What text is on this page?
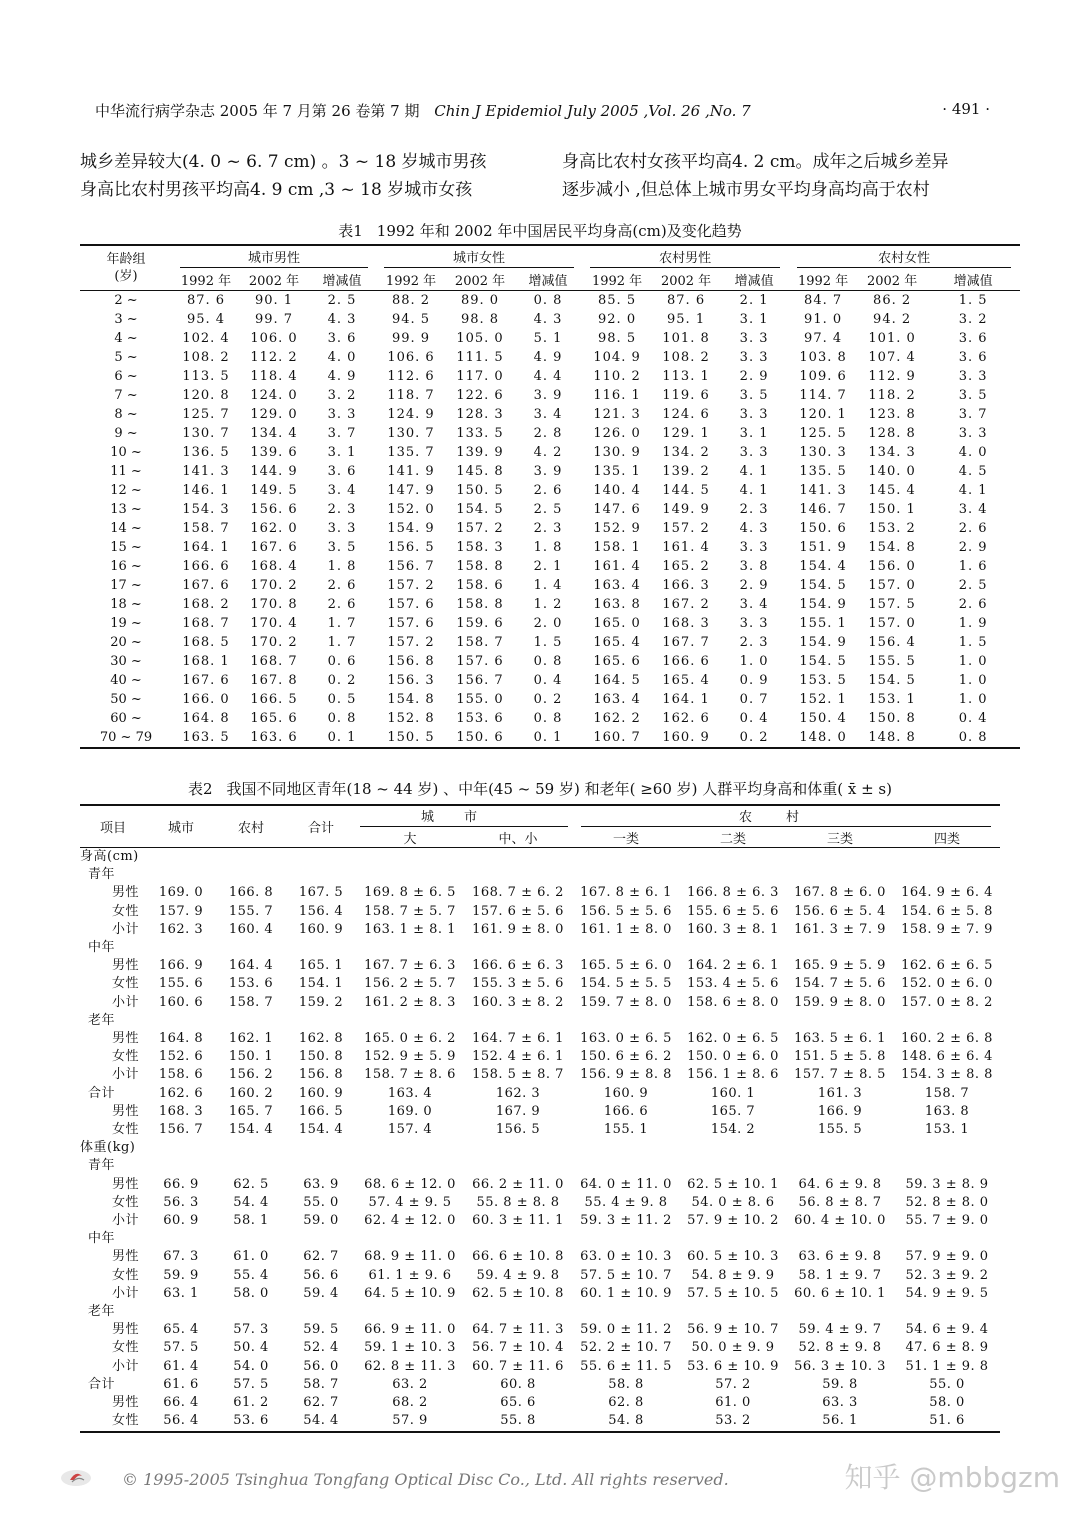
中华流行病学杂志 2005 年 7 月第 26 卷第 7 期 Chin J Epidemiol July 2005 ,Vol. 26 ,No. 7	· 491 ·
城乡差异较大(4. 0 ~ 6. 7 cm) 。3 ~ 18 岁城市男孩
身高比农村男孩平均高4. 9 cm ,3 ~ 18 岁城市女孩
身高比农村女孩平均高4. 2 cm。成年之后城乡差异
逐步减小 ,但总体上城市男女平均身高均高于农村
表1 1992 年和 2002 年中国居民平均身高(cm)及变化趋势
年龄组
(岁)	城市男性			城市女性			农村男性			农村女性		
	1992 年	2002 年	增减值	1992 年	2002 年	增减值	1992 年	2002 年	增减值	1992 年	2002 年	增减值
2 ~	87. 6	90. 1	2. 5	88. 2	89. 0	0. 8	85. 5	87. 6	2. 1	84. 7	86. 2	1. 5
3 ~	95. 4	99. 7	4. 3	94. 5	98. 8	4. 3	92. 0	95. 1	3. 1	91. 0	94. 2	3. 2
4 ~	102. 4	106. 0	3. 6	99. 9	105. 0	5. 1	98. 5	101. 8	3. 3	97. 4	101. 0	3. 6
5 ~	108. 2	112. 2	4. 0	106. 6	111. 5	4. 9	104. 9	108. 2	3. 3	103. 8	107. 4	3. 6
6 ~	113. 5	118. 4	4. 9	112. 6	117. 0	4. 4	110. 2	113. 1	2. 9	109. 6	112. 9	3. 3
7 ~	120. 8	124. 0	3. 2	118. 7	122. 6	3. 9	116. 1	119. 6	3. 5	114. 7	118. 2	3. 5
8 ~	125. 7	129. 0	3. 3	124. 9	128. 3	3. 4	121. 3	124. 6	3. 3	120. 1	123. 8	3. 7
9 ~	130. 7	134. 4	3. 7	130. 7	133. 5	2. 8	126. 0	129. 1	3. 1	125. 5	128. 8	3. 3
10 ~	136. 5	139. 6	3. 1	135. 7	139. 9	4. 2	130. 9	134. 2	3. 3	130. 3	134. 3	4. 0
11 ~	141. 3	144. 9	3. 6	141. 9	145. 8	3. 9	135. 1	139. 2	4. 1	135. 5	140. 0	4. 5
12 ~	146. 1	149. 5	3. 4	147. 9	150. 5	2. 6	140. 4	144. 5	4. 1	141. 3	145. 4	4. 1
13 ~	154. 3	156. 6	2. 3	152. 0	154. 5	2. 5	147. 6	149. 9	2. 3	146. 7	150. 1	3. 4
14 ~	158. 7	162. 0	3. 3	154. 9	157. 2	2. 3	152. 9	157. 2	4. 3	150. 6	153. 2	2. 6
15 ~	164. 1	167. 6	3. 5	156. 5	158. 3	1. 8	158. 1	161. 4	3. 3	151. 9	154. 8	2. 9
16 ~	166. 6	168. 4	1. 8	156. 7	158. 8	2. 1	161. 4	165. 2	3. 8	154. 4	156. 0	1. 6
17 ~	167. 6	170. 2	2. 6	157. 2	158. 6	1. 4	163. 4	166. 3	2. 9	154. 5	157. 0	2. 5
18 ~	168. 2	170. 8	2. 6	157. 6	158. 8	1. 2	163. 8	167. 2	3. 4	154. 9	157. 5	2. 6
19 ~	168. 7	170. 4	1. 7	157. 6	159. 6	2. 0	165. 0	168. 3	3. 3	155. 1	157. 0	1. 9
20 ~	168. 5	170. 2	1. 7	157. 2	158. 7	1. 5	165. 4	167. 7	2. 3	154. 9	156. 4	1. 5
30 ~	168. 1	168. 7	0. 6	156. 8	157. 6	0. 8	165. 6	166. 6	1. 0	154. 5	155. 5	1. 0
40 ~	167. 6	167. 8	0. 2	156. 3	156. 7	0. 4	164. 5	165. 4	0. 9	153. 5	154. 5	1. 0
50 ~	166. 0	166. 5	0. 5	154. 8	155. 0	0. 2	163. 4	164. 1	0. 7	152. 1	153. 1	1. 0
60 ~	164. 8	165. 6	0. 8	152. 8	153. 6	0. 8	162. 2	162. 6	0. 4	150. 4	150. 8	0. 4
70 ~ 79	163. 5	163. 6	0. 1	150. 5	150. 6	0. 1	160. 7	160. 9	0. 2	148. 0	148. 8	0. 8
表2 我国不同地区青年(18 ~ 44 岁) 、中年(45 ~ 59 岁) 和老年( ≥60 岁) 人群平均身高和体重( x̄ ± s)
项目	城市	农村	合计	城市		农村			
				大	中、小	一类	二类	三类	四类
身高(cm)									
青年									
男性	169. 0	166. 8	167. 5	169. 8 ± 6. 5	168. 7 ± 6. 2	167. 8 ± 6. 1	166. 8 ± 6. 3	167. 8 ± 6. 0	164. 9 ± 6. 4
女性	157. 9	155. 7	156. 4	158. 7 ± 5. 7	157. 6 ± 5. 6	156. 5 ± 5. 6	155. 6 ± 5. 6	156. 6 ± 5. 4	154. 6 ± 5. 8
小计	162. 3	160. 4	160. 9	163. 1 ± 8. 1	161. 9 ± 8. 0	161. 1 ± 8. 0	160. 3 ± 8. 1	161. 3 ± 7. 9	158. 9 ± 7. 9
中年									
男性	166. 9	164. 4	165. 1	167. 7 ± 6. 3	166. 6 ± 6. 3	165. 5 ± 6. 0	164. 2 ± 6. 1	165. 9 ± 5. 9	162. 6 ± 6. 5
女性	155. 6	153. 6	154. 1	156. 2 ± 5. 7	155. 3 ± 5. 6	154. 5 ± 5. 5	153. 4 ± 5. 6	154. 7 ± 5. 6	152. 0 ± 6. 0
小计	160. 6	158. 7	159. 2	161. 2 ± 8. 3	160. 3 ± 8. 2	159. 7 ± 8. 0	158. 6 ± 8. 0	159. 9 ± 8. 0	157. 0 ± 8. 2
老年									
男性	164. 8	162. 1	162. 8	165. 0 ± 6. 2	164. 7 ± 6. 1	163. 0 ± 6. 5	162. 0 ± 6. 5	163. 5 ± 6. 1	160. 2 ± 6. 8
女性	152. 6	150. 1	150. 8	152. 9 ± 5. 9	152. 4 ± 6. 1	150. 6 ± 6. 2	150. 0 ± 6. 0	151. 5 ± 5. 8	148. 6 ± 6. 4
小计	158. 6	156. 2	156. 8	158. 7 ± 8. 6	158. 5 ± 8. 7	156. 9 ± 8. 8	156. 1 ± 8. 6	157. 7 ± 8. 5	154. 3 ± 8. 8
合计	162. 6	160. 2	160. 9	163. 4	162. 3	160. 9	160. 1	161. 3	158. 7
男性	168. 3	165. 7	166. 5	169. 0	167. 9	166. 6	165. 7	166. 9	163. 8
女性	156. 7	154. 4	154. 4	157. 4	156. 5	155. 1	154. 2	155. 5	153. 1
体重(kg)									
青年									
男性	66. 9	62. 5	63. 9	68. 6 ± 12. 0	66. 2 ± 11. 0	64. 0 ± 11. 0	62. 5 ± 10. 1	64. 6 ± 9. 8	59. 3 ± 8. 9
女性	56. 3	54. 4	55. 0	57. 4 ± 9. 5	55. 8 ± 8. 8	55. 4 ± 9. 8	54. 0 ± 8. 6	56. 8 ± 8. 7	52. 8 ± 8. 0
小计	60. 9	58. 1	59. 0	62. 4 ± 12. 0	60. 3 ± 11. 1	59. 3 ± 11. 2	57. 9 ± 10. 2	60. 4 ± 10. 0	55. 7 ± 9. 0
中年									
男性	67. 3	61. 0	62. 7	68. 9 ± 11. 0	66. 6 ± 10. 8	63. 0 ± 10. 3	60. 5 ± 10. 3	63. 6 ± 9. 8	57. 9 ± 9. 0
女性	59. 9	55. 4	56. 6	61. 1 ± 9. 6	59. 4 ± 9. 8	57. 5 ± 10. 7	54. 8 ± 9. 9	58. 1 ± 9. 7	52. 3 ± 9. 2
小计	63. 1	58. 0	59. 4	64. 5 ± 10. 9	62. 5 ± 10. 8	60. 1 ± 10. 9	57. 5 ± 10. 5	60. 6 ± 10. 1	54. 9 ± 9. 5
老年									
男性	65. 4	57. 3	59. 5	66. 9 ± 11. 0	64. 7 ± 11. 3	59. 0 ± 11. 2	56. 9 ± 10. 7	59. 4 ± 9. 7	54. 6 ± 9. 4
女性	57. 5	50. 4	52. 4	59. 1 ± 10. 3	56. 7 ± 10. 4	52. 2 ± 10. 7	50. 0 ± 9. 9	52. 8 ± 9. 8	47. 6 ± 8. 9
小计	61. 4	54. 0	56. 0	62. 8 ± 11. 3	60. 7 ± 11. 6	55. 6 ± 11. 5	53. 6 ± 10. 9	56. 3 ± 10. 3	51. 1 ± 9. 8
合计	61. 6	57. 5	58. 7	63. 2	60. 8	58. 8	57. 2	59. 8	55. 0
男性	66. 4	61. 2	62. 7	68. 2	65. 6	62. 8	61. 0	63. 3	58. 0
女性	56. 4	53. 6	54. 4	57. 9	55. 8	54. 8	53. 2	56. 1	51. 6
© 1995-2005 Tsinghua Tongfang Optical Disc Co., Ltd. All rights reserved.	知乎 @mbbgzm
